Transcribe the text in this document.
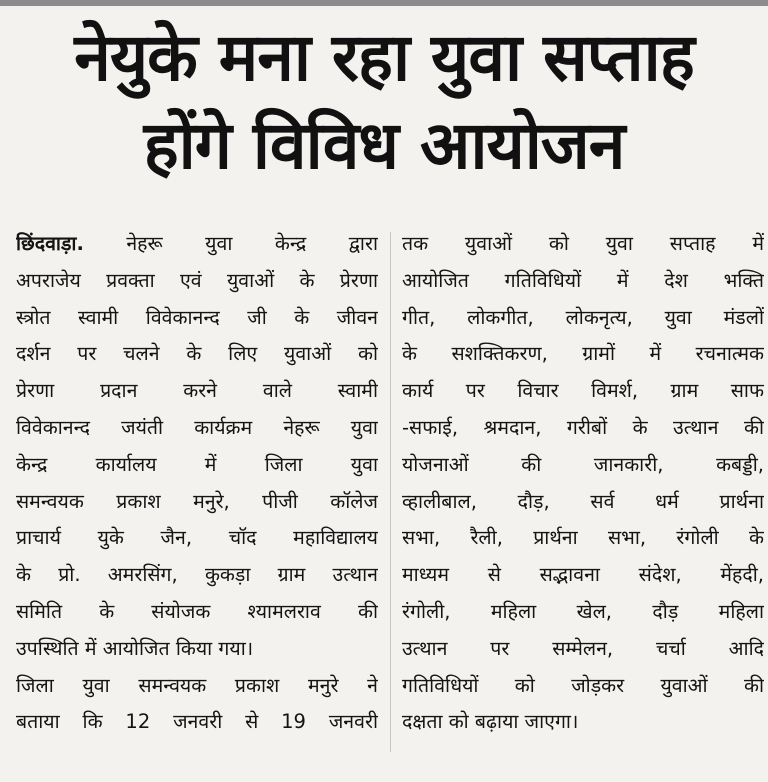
नेयुके मना रहा युवा सप्ताह
होंगे विविध आयोजन
छिंदवाड़ा. नेहरू युवा केन्द्र द्वारा
अपराजेय प्रवक्ता एवं युवाओं के प्रेरणा
स्त्रोत स्वामी विवेकानन्द जी के जीवन
दर्शन पर चलने के लिए युवाओं को
प्रेरणा प्रदान करने वाले स्वामी
विवेकानन्द जयंती कार्यक्रम नेहरू युवा
केन्द्र कार्यालय में जिला युवा
समन्वयक प्रकाश मनुरे, पीजी कॉलेज
प्राचार्य युके जैन, चॉद महाविद्यालय
के प्रो. अमरसिंग, कुकड़ा ग्राम उत्थान
समिति के संयोजक श्यामलराव की
उपस्थिति में आयोजित किया गया।
जिला युवा समन्वयक प्रकाश मनुरे ने
बताया कि 12 जनवरी से 19 जनवरी
तक युवाओं को युवा सप्ताह में
आयोजित गतिविधियों में देश भक्ति
गीत, लोकगीत, लोकनृत्य, युवा मंडलों
के सशक्तिकरण, ग्रामों में रचनात्मक
कार्य पर विचार विमर्श, ग्राम साफ
-सफाई, श्रमदान, गरीबों के उत्थान की
योजनाओं की जानकारी, कबड्डी,
व्हालीबाल, दौड़, सर्व धर्म प्रार्थना
सभा, रैली, प्रार्थना सभा, रंगोली के
माध्यम से सद्भावना संदेश, मेंहदी,
रंगोली, महिला खेल, दौड़ महिला
उत्थान पर सम्मेलन, चर्चा आदि
गतिविधियों को जोड़कर युवाओं की
दक्षता को बढ़ाया जाएगा।
